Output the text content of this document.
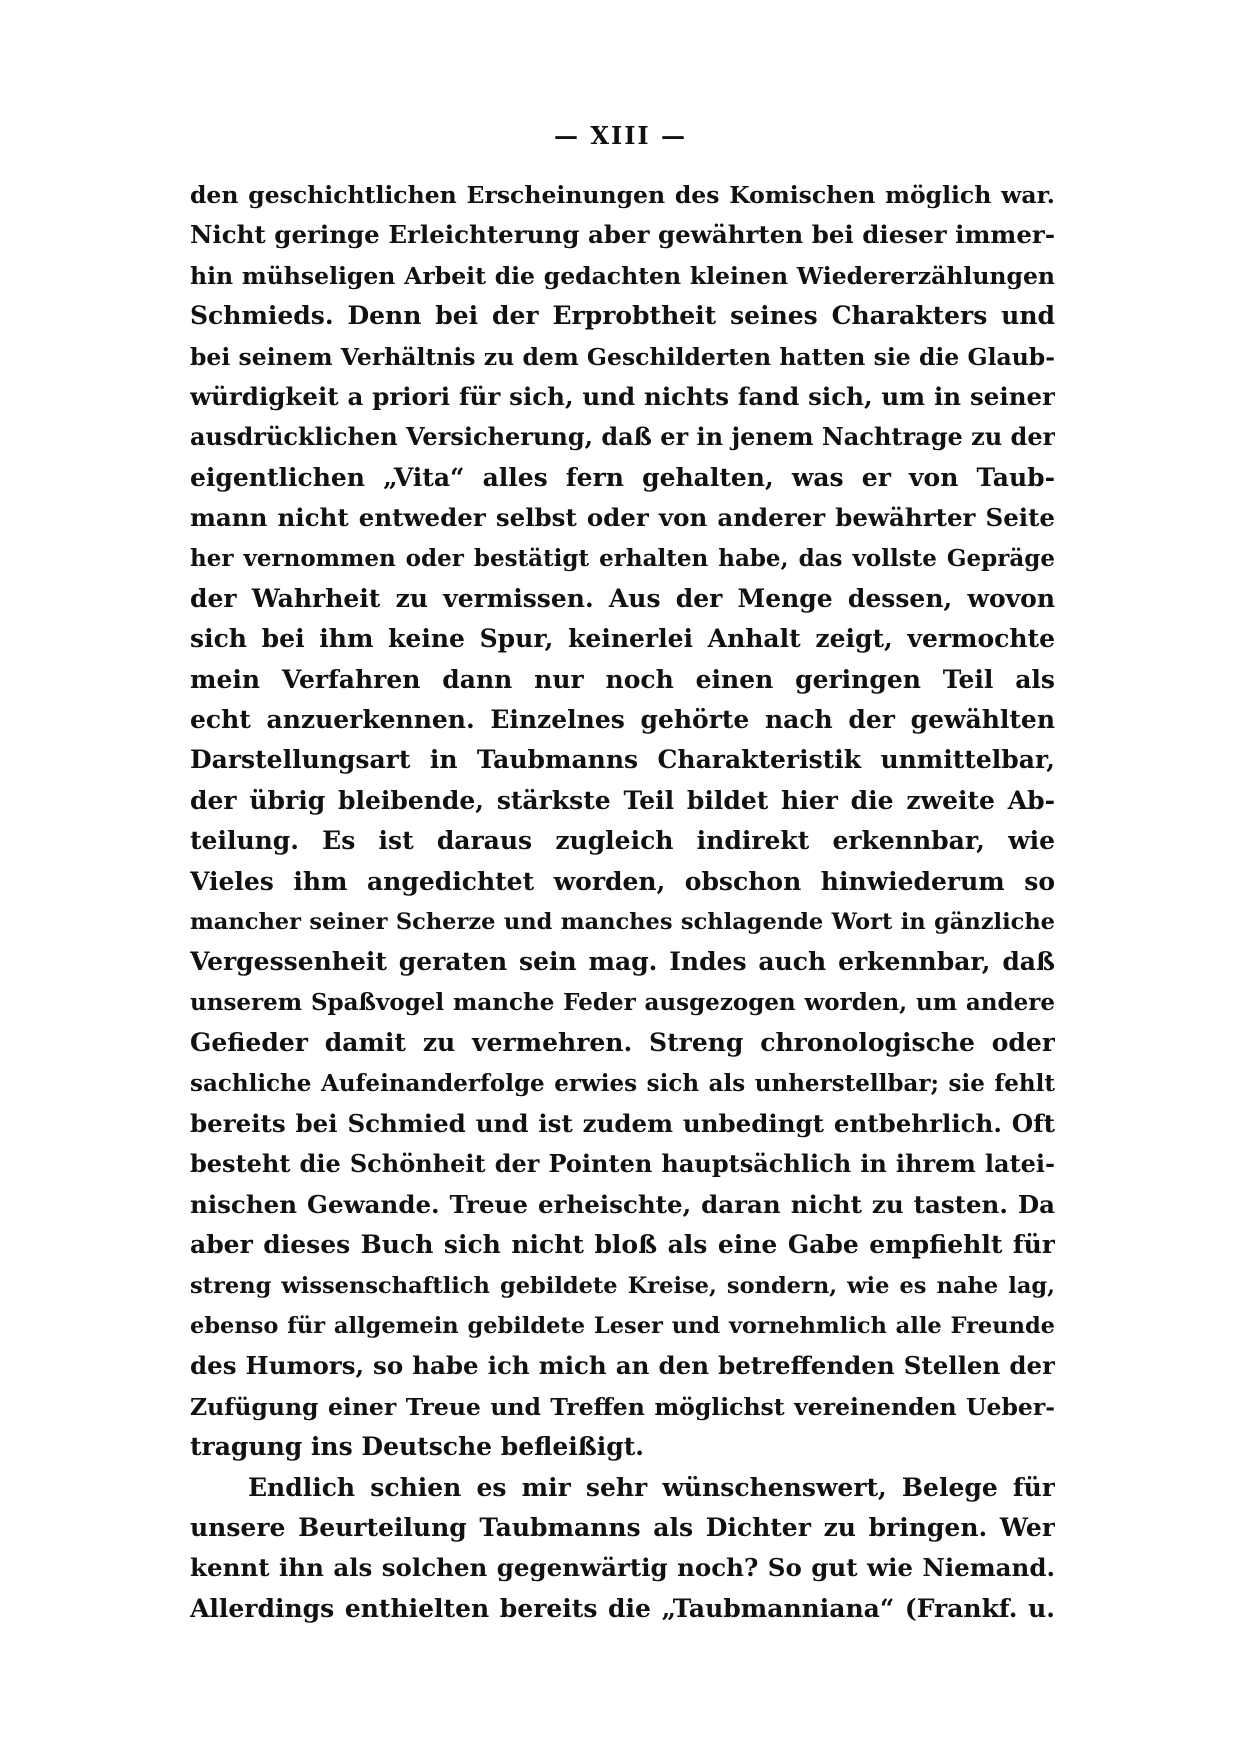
— XIII —
den geschichtlichen Erscheinungen des Komischen möglich war.
Nicht geringe Erleichterung aber gewährten bei dieser immer-
hin mühseligen Arbeit die gedachten kleinen Wiedererzählungen
Schmieds. Denn bei der Erprobtheit seines Charakters und
bei seinem Verhältnis zu dem Geschilderten hatten sie die Glaub-
würdigkeit a priori für sich, und nichts fand sich, um in seiner
ausdrücklichen Versicherung, daß er in jenem Nachtrage zu der
eigentlichen „Vita“ alles fern gehalten, was er von Taub-
mann nicht entweder selbst oder von anderer bewährter Seite
her vernommen oder bestätigt erhalten habe, das vollste Gepräge
der Wahrheit zu vermissen. Aus der Menge dessen, wovon
sich bei ihm keine Spur, keinerlei Anhalt zeigt, vermochte
mein Verfahren dann nur noch einen geringen Teil als
echt anzuerkennen. Einzelnes gehörte nach der gewählten
Darstellungsart in Taubmanns Charakteristik unmittelbar,
der übrig bleibende, stärkste Teil bildet hier die zweite Ab-
teilung. Es ist daraus zugleich indirekt erkennbar, wie
Vieles ihm angedichtet worden, obschon hinwiederum so
mancher seiner Scherze und manches schlagende Wort in gänzliche
Vergessenheit geraten sein mag. Indes auch erkennbar, daß
unserem Spaßvogel manche Feder ausgezogen worden, um andere
Gefieder damit zu vermehren. Streng chronologische oder
sachliche Aufeinanderfolge erwies sich als unherstellbar; sie fehlt
bereits bei Schmied und ist zudem unbedingt entbehrlich. Oft
besteht die Schönheit der Pointen hauptsächlich in ihrem latei-
nischen Gewande. Treue erheischte, daran nicht zu tasten. Da
aber dieses Buch sich nicht bloß als eine Gabe empfiehlt für
streng wissenschaftlich gebildete Kreise, sondern, wie es nahe lag,
ebenso für allgemein gebildete Leser und vornehmlich alle Freunde
des Humors, so habe ich mich an den betreffenden Stellen der
Zufügung einer Treue und Treffen möglichst vereinenden Ueber-
tragung ins Deutsche befleißigt.
Endlich schien es mir sehr wünschenswert, Belege für
unsere Beurteilung Taubmanns als Dichter zu bringen. Wer
kennt ihn als solchen gegenwärtig noch? So gut wie Niemand.
Allerdings enthielten bereits die „Taubmanniana“ (Frankf. u.
